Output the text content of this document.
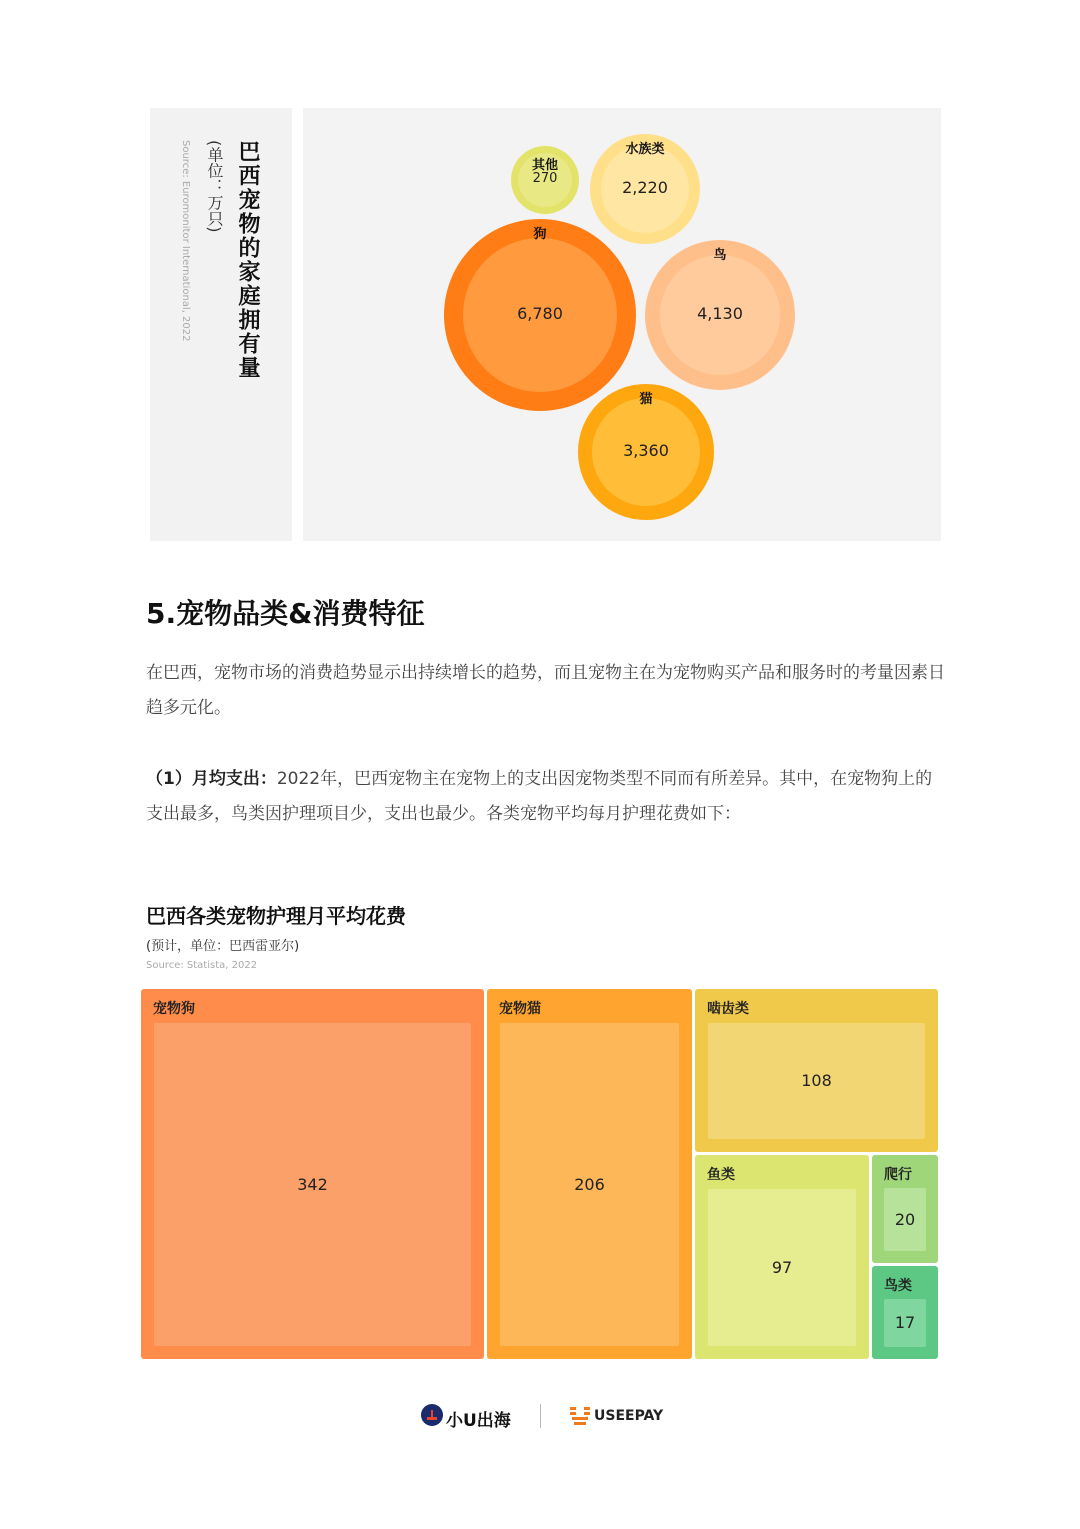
狗
6,780
鸟
4,130
猫
3,360
水族类
2,220
其他
270
巴西宠物的家庭拥有量
(单位：万只)
Source: Euromonitor International, 2022
5.宠物品类&消费特征
在巴西，宠物市场的消费趋势显示出持续增长的趋势，而且宠物主在为宠物购买产品和服务时的考量因素日趋多元化。
（1）月均支出：2022年，巴西宠物主在宠物上的支出因宠物类型不同而有所差异。其中，在宠物狗上的支出最多，鸟类因护理项目少，支出也最少。各类宠物平均每月护理花费如下：
巴西各类宠物护理月平均花费
(预计，单位：巴西雷亚尔)
Source: Statista, 2022
宠物狗
342
宠物猫
206
啮齿类
108
鱼类
97
爬行
20
鸟类
17
小U出海	USEEPAY
